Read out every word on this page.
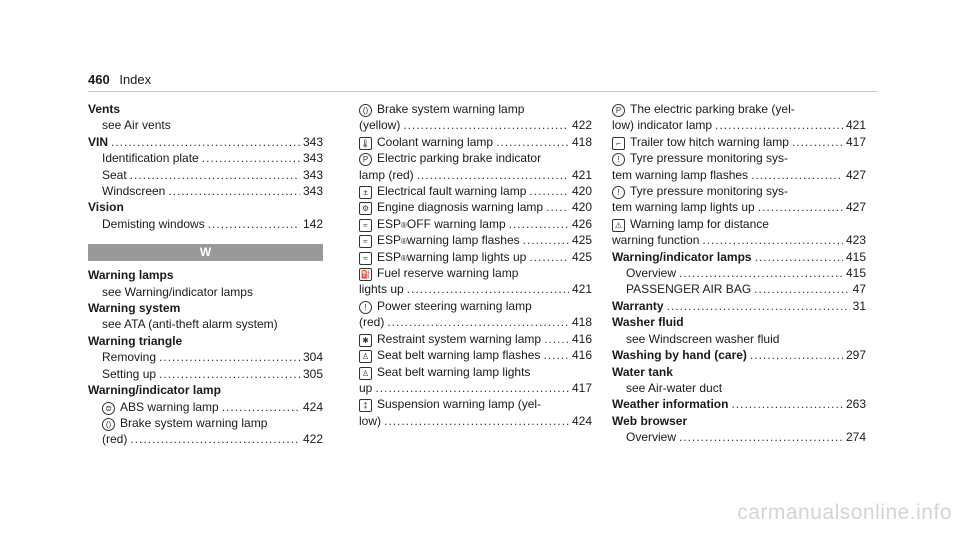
460 Index
Vents
see Air vents
VIN .....	343
Identification plate .....	343
Seat .....	343
Windscreen .....	343
Vision
Demisting windows .....	142
W
Warning lamps
see Warning/indicator lamps
Warning system
see ATA (anti-theft alarm system)
Warning triangle
Removing .....	304
Setting up .....	305
Warning/indicator lamp
⊜ ABS warning lamp .....	424
() Brake system warning lamp
(red) .....	422
() Brake system warning lamp
(yellow) .....	422
🌡 Coolant warning lamp .....	418
P Electric parking brake indicator
lamp (red) .....	421
± Electrical fault warning lamp .....	420
⚙ Engine diagnosis warning lamp ..... 420
≈ ESP ® OFF warning lamp .....	426
≈ ESP ® warning lamp flashes .....	425
≈ ESP ® warning lamp lights up .....	425
⛽ Fuel reserve warning lamp
lights up .....	421
! Power steering warning lamp
(red) .....	418
✱ Restraint system warning lamp .....	416
♙ Seat belt warning lamp flashes .....	416
♙ Seat belt warning lamp lights
up .....	417
‡ Suspension warning lamp (yel-
low) .....	424
P The electric parking brake (yel-
low) indicator lamp .....	421
⌐ Trailer tow hitch warning lamp .....	417
! Tyre pressure monitoring sys-
tem warning lamp flashes .....	427
! Tyre pressure monitoring sys-
tem warning lamp lights up .....	427
⚠ Warning lamp for distance
warning function .....	423
Warning/indicator lamps .....	415
Overview .....	415
PASSENGER AIR BAG .....	47
Warranty .....	31
Washer fluid
see Windscreen washer fluid
Washing by hand (care) .....	297
Water tank
see Air-water duct
Weather information .....	263
Web browser
Overview .....	274
carmanualsonline.info
